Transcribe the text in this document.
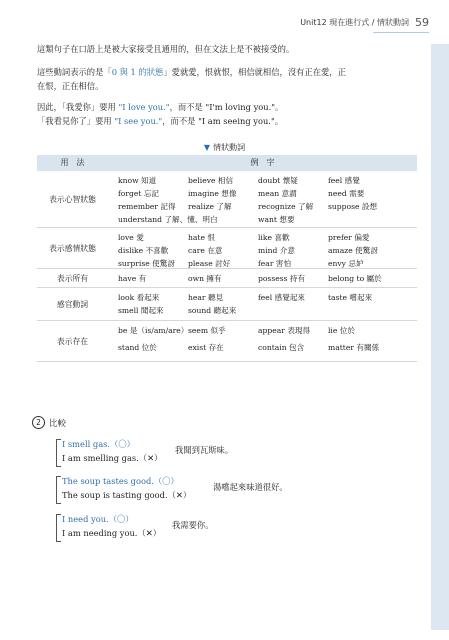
Unit12 現在進行式 / 情狀動詞 59
這類句子在口語上是被大家接受且通用的，但在文法上是不被接受的。
這些動詞表示的是「0 與 1 的狀態」愛就愛，恨就恨，相信就相信，沒有正在愛，正
在恨，正在相信。
因此，「我愛你」要用 "I love you."，而不是 "I'm loving you."。
「我看見你了」要用 "I see you."，而不是 "I am seeing you."。
▼ 情狀動詞
用　法	例　字
表示心智狀態
know 知道	believe 相信	doubt 懷疑	feel 感覺
forget 忘記	imagine 想像	mean 意謂	need 需要
remember 記得	realize 了解	recognize 了解	suppose 設想
understand 了解、懂、明白	want 想要
表示感情狀態
love 愛	hate 恨	like 喜歡	prefer 偏愛
dislike 不喜歡	care 在意	mind 介意	amaze 使驚訝
surprise 使驚訝	please 討好	fear 害怕	envy 忌妒
表示所有	have 有	own 擁有	possess 持有	belong to 屬於
感官動詞
look 看起來	hear 聽見	feel 感覺起來	taste 嚐起來
smell 聞起來	sound 聽起來
表示存在
be 是（is/am/are） seem 似乎	appear 表現得	lie 位於
stand 位於	exist 存在	contain 包含	matter 有關係
2 比較
I smell gas.（〇）
I am smelling gas.（✕）
我聞到瓦斯味。
The soup tastes good.（〇）
The soup is tasting good.（✕）
湯嚐起來味道很好。
I need you.（〇）
I am needing you.（✕）
我需要你。
